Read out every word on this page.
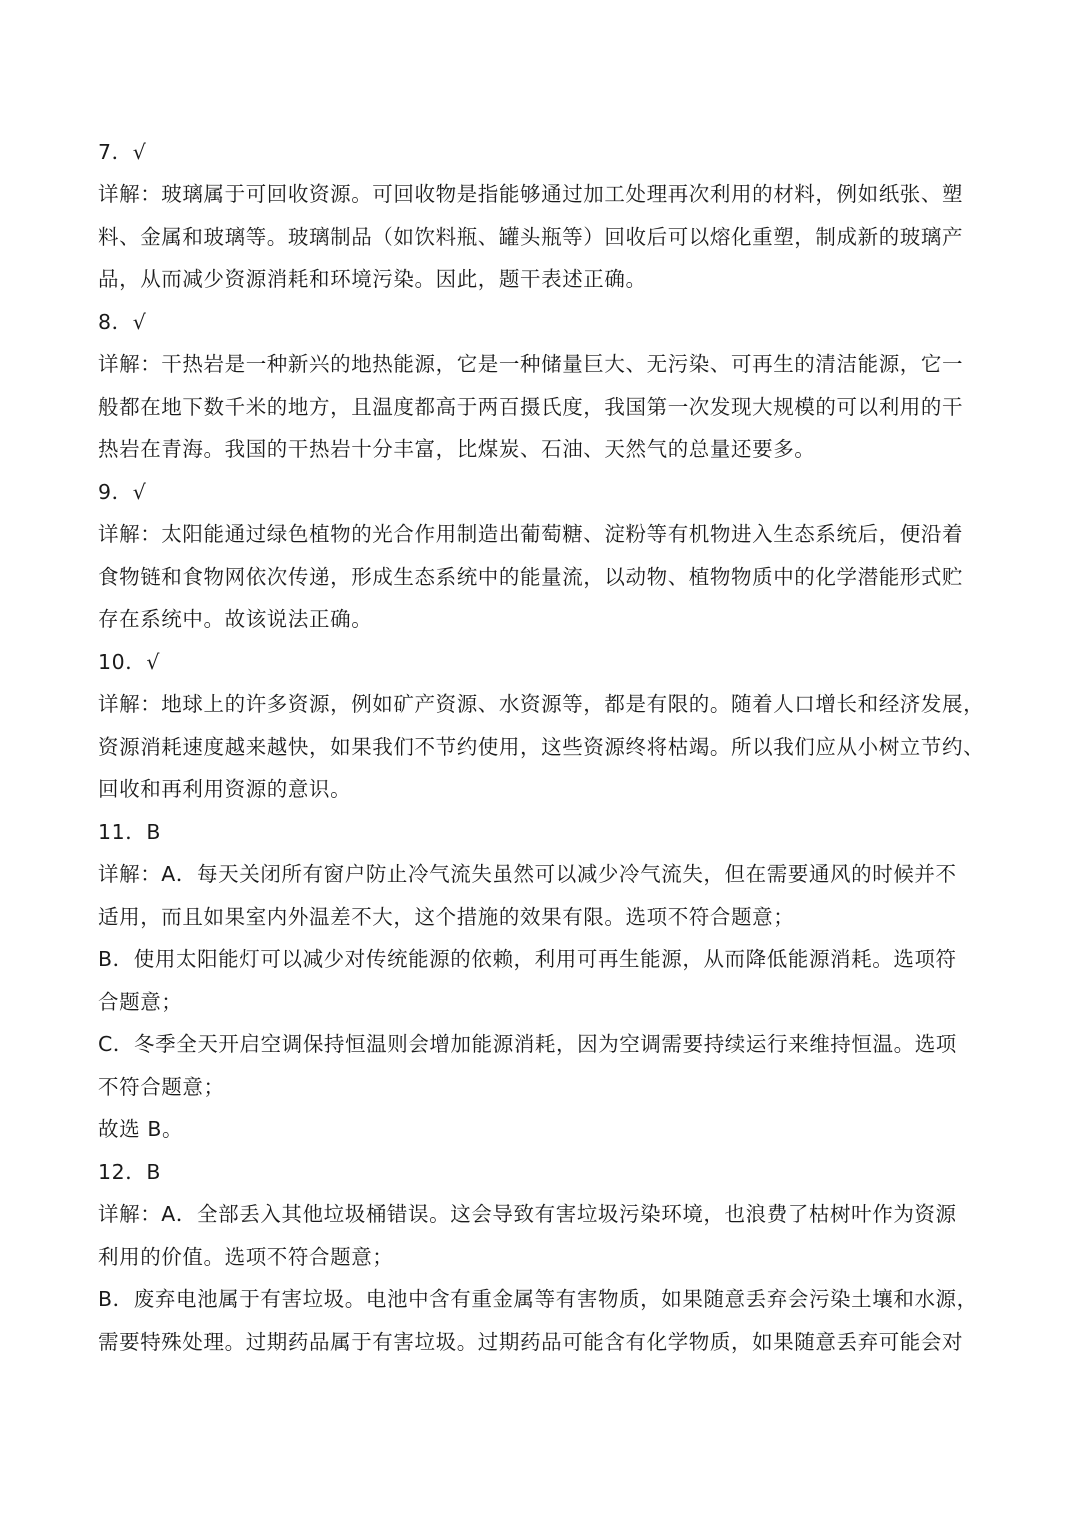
7．√
详解：玻璃属于可回收资源。可回收物是指能够通过加工处理再次利用的材料，例如纸张、塑
料、金属和玻璃等。玻璃制品（如饮料瓶、罐头瓶等）回收后可以熔化重塑，制成新的玻璃产
品，从而减少资源消耗和环境污染。因此，题干表述正确。
8．√
详解：干热岩是一种新兴的地热能源，它是一种储量巨大、无污染、可再生的清洁能源，它一
般都在地下数千米的地方，且温度都高于两百摄氏度，我国第一次发现大规模的可以利用的干
热岩在青海。我国的干热岩十分丰富，比煤炭、石油、天然气的总量还要多。
9．√
详解：太阳能通过绿色植物的光合作用制造出葡萄糖、淀粉等有机物进入生态系统后，便沿着
食物链和食物网依次传递，形成生态系统中的能量流，以动物、植物物质中的化学潜能形式贮
存在系统中。故该说法正确。
10．√
详解：地球上的许多资源，例如矿产资源、水资源等，都是有限的。随着人口增长和经济发展，
资源消耗速度越来越快，如果我们不节约使用，这些资源终将枯竭。所以我们应从小树立节约、
回收和再利用资源的意识。
11．B
详解：A．每天关闭所有窗户防止冷气流失虽然可以减少冷气流失，但在需要通风的时候并不
适用，而且如果室内外温差不大，这个措施的效果有限。选项不符合题意；
B．使用太阳能灯可以减少对传统能源的依赖，利用可再生能源，从而降低能源消耗。选项符
合题意；
C．冬季全天开启空调保持恒温则会增加能源消耗，因为空调需要持续运行来维持恒温。选项
不符合题意；
故选 B。
12．B
详解：A．全部丢入其他垃圾桶错误。这会导致有害垃圾污染环境，也浪费了枯树叶作为资源
利用的价值。选项不符合题意；
B．废弃电池属于有害垃圾。电池中含有重金属等有害物质，如果随意丢弃会污染土壤和水源，
需要特殊处理。过期药品属于有害垃圾。过期药品可能含有化学物质，如果随意丢弃可能会对
